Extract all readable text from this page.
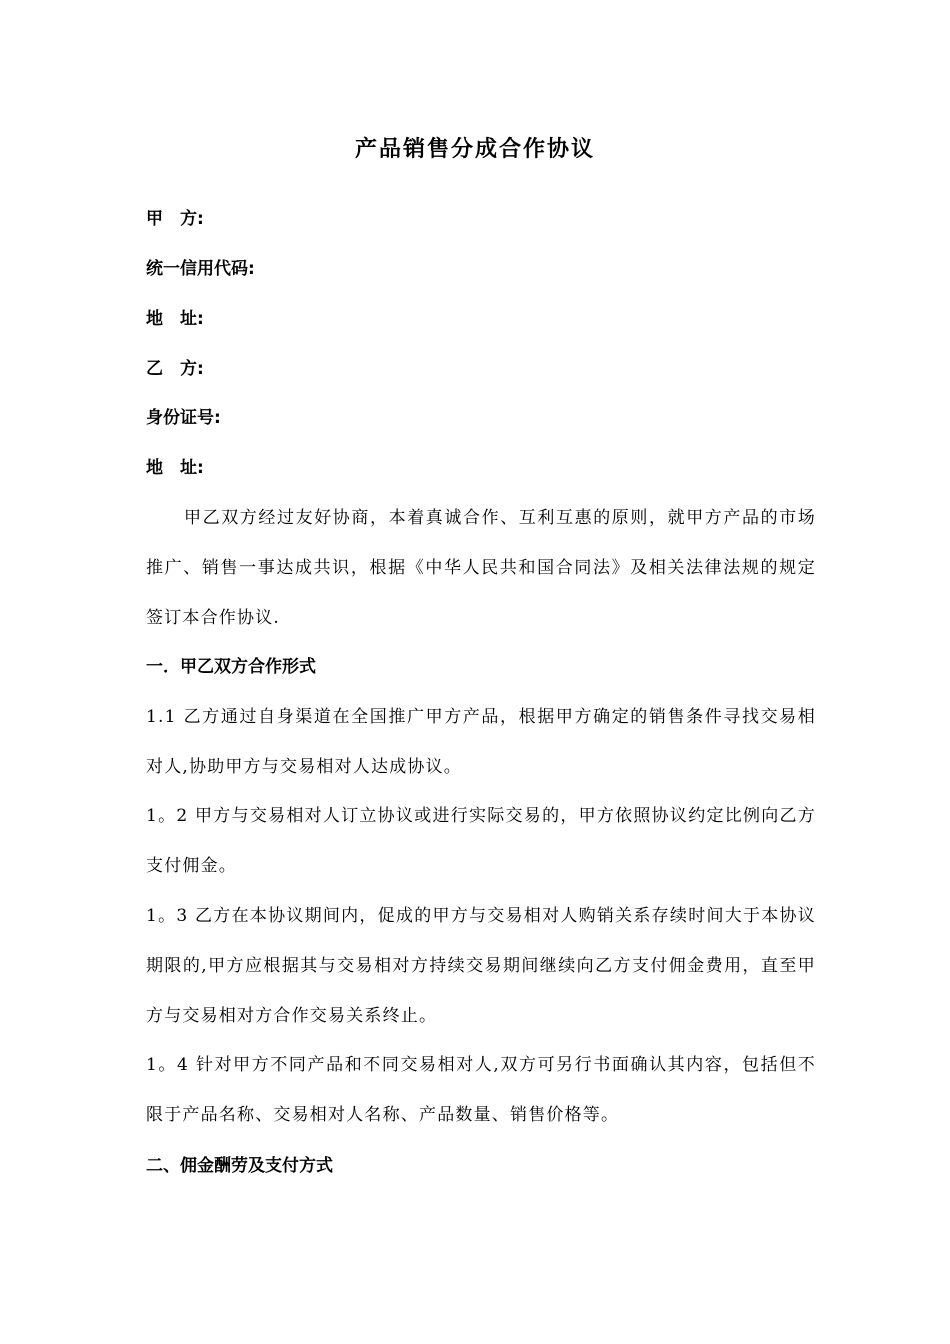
产品销售分成合作协议
甲　方:
统一信用代码:
地　址:
乙　方:
身份证号:
地　址:
甲乙双方经过友好协商，本着真诚合作、互利互惠的原则，就甲方产品的市场推广、销售一事达成共识，根据《中华人民共和国合同法》及相关法律法规的规定签订本合作协议.
一．甲乙双方合作形式
1.1 乙方通过自身渠道在全国推广甲方产品，根据甲方确定的销售条件寻找交易相对人,协助甲方与交易相对人达成协议。
1。2 甲方与交易相对人订立协议或进行实际交易的，甲方依照协议约定比例向乙方支付佣金。
1。3 乙方在本协议期间内，促成的甲方与交易相对人购销关系存续时间大于本协议期限的,甲方应根据其与交易相对方持续交易期间继续向乙方支付佣金费用，直至甲方与交易相对方合作交易关系终止。
1。4 针对甲方不同产品和不同交易相对人,双方可另行书面确认其内容，包括但不限于产品名称、交易相对人名称、产品数量、销售价格等。
二、佣金酬劳及支付方式
